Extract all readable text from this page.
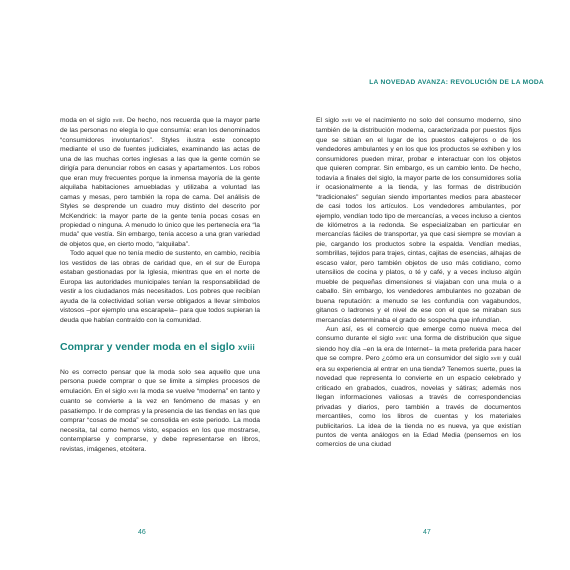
moda en el siglo xviii. De hecho, nos recuerda que la mayor parte de las personas no elegía lo que consumía: eran los denominados “consumidores involuntarios”. Styles ilustra este concepto mediante el uso de fuentes judiciales, examinando las actas de una de las muchas cortes inglesas a las que la gente común se dirigía para denunciar robos en casas y apartamentos. Los robos que eran muy frecuentes porque la inmensa mayoría de la gente alquilaba habitaciones amuebladas y utilizaba a voluntad las camas y mesas, pero también la ropa de cama. Del análisis de Styles se desprende un cuadro muy distinto del descrito por McKendrick: la mayor parte de la gente tenía pocas cosas en propiedad o ninguna. A menudo lo único que les pertenecía era “la muda” que vestía. Sin embargo, tenía acceso a una gran variedad de objetos que, en cierto modo, “alquilaba”.

Todo aquel que no tenía medio de sustento, en cambio, recibía los vestidos de las obras de caridad que, en el sur de Europa estaban gestionadas por la Iglesia, mientras que en el norte de Europa las autoridades municipales tenían la responsabilidad de vestir a los ciudadanos más necesitados. Los pobres que recibían ayuda de la colectividad solían verse obligados a llevar símbolos vistosos –por ejemplo una escarapela– para que todos supieran la deuda que habían contraído con la comunidad.

Comprar y vender moda en el siglo xviii

No es correcto pensar que la moda solo sea aquello que una persona puede comprar o que se limite a simples procesos de emulación. En el siglo xviii la moda se vuelve “moderna” en tanto y cuanto se convierte a la vez en fenómeno de masas y en pasatiempo. Ir de compras y la presencia de las tiendas en las que comprar “cosas de moda” se consolida en este periodo. La moda necesita, tal como hemos visto, espacios en los que mostrarse, contemplarse y comprarse, y debe representarse en libros, revistas, imágenes, etcétera.

46
LA NOVEDAD AVANZA: REVOLUCIÓN DE LA MODA

El siglo xviii ve el nacimiento no solo del consumo moderno, sino también de la distribución moderna, caracterizada por puestos fijos que se sitúan en el lugar de los puestos callejeros o de los vendedores ambulantes y en los que los productos se exhiben y los consumidores pueden mirar, probar e interactuar con los objetos que quieren comprar. Sin embargo, es un cambio lento. De hecho, todavía a finales del siglo, la mayor parte de los consumidores solía ir ocasionalmente a la tienda, y las formas de distribución “tradicionales” seguían siendo importantes medios para abastecer de casi todos los artículos. Los vendedores ambulantes, por ejemplo, vendían todo tipo de mercancías, a veces incluso a cientos de kilómetros a la redonda. Se especializaban en particular en mercancías fáciles de transportar, ya que casi siempre se movían a pie, cargando los productos sobre la espalda. Vendían medias, sombrillas, tejidos para trajes, cintas, cajitas de esencias, alhajas de escaso valor, pero también objetos de uso más cotidiano, como utensilios de cocina y platos, o té y café, y a veces incluso algún mueble de pequeñas dimensiones si viajaban con una mula o a caballo. Sin embargo, los vendedores ambulantes no gozaban de buena reputación: a menudo se les confundía con vagabundos, gitanos o ladrones y el nivel de ese con el que se miraban sus mercancías determinaba el grado de sospecha que infundían.

Aun así, es el comercio que emerge como nueva meca del consumo durante el siglo xviii: una forma de distribución que sigue siendo hoy día –en la era de Internet– la meta preferida para hacer que se compre. Pero ¿cómo era un consumidor del siglo xviii y cuál era su experiencia al entrar en una tienda? Tenemos suerte, pues la novedad que representa lo convierte en un espacio celebrado y criticado en grabados, cuadros, novelas y sátiras; además nos llegan informaciones valiosas a través de correspondencias privadas y diarios, pero también a través de documentos mercantiles, como los libros de cuentas y los materiales publicitarios. La idea de la tienda no es nueva, ya que existían puntos de venta análogos en la Edad Media (pensemos en los comercios de una ciudad

47
